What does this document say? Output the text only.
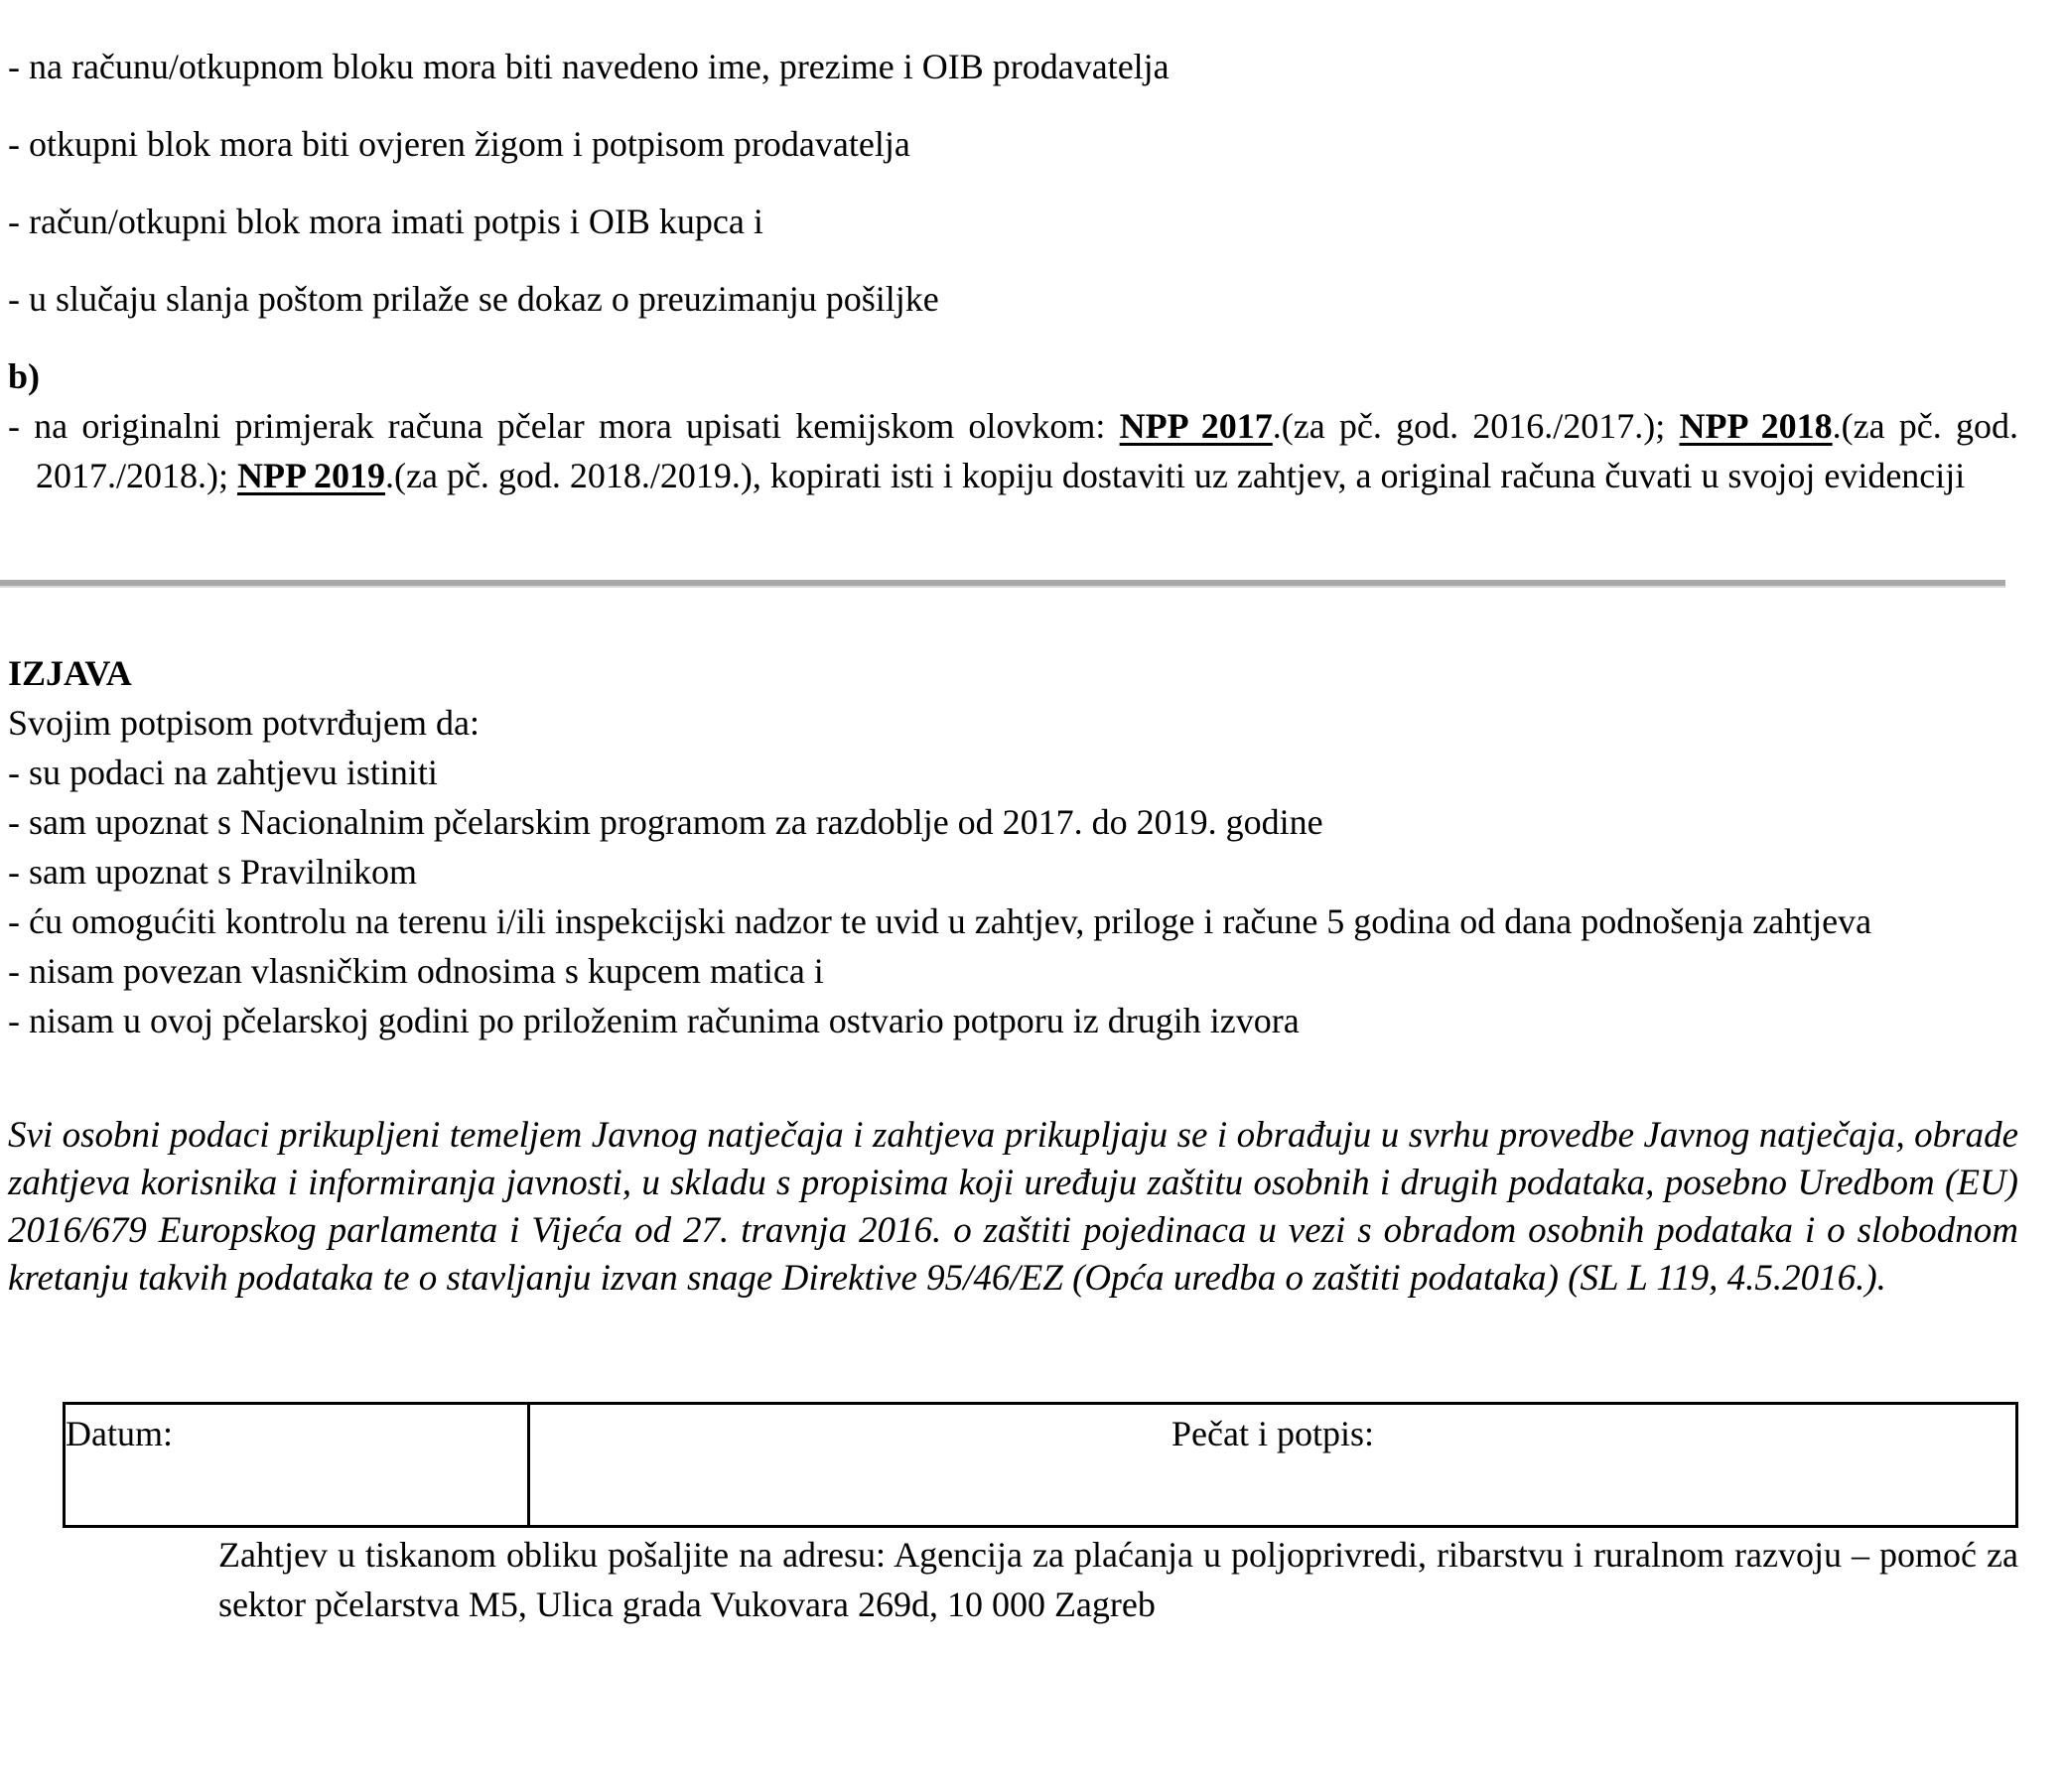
- na računu/otkupnom bloku mora biti navedeno ime, prezime i OIB prodavatelja

- otkupni blok mora biti ovjeren žigom i potpisom prodavatelja

- račun/otkupni blok mora imati potpis i OIB kupca i

- u slučaju slanja poštom prilaže se dokaz o preuzimanju pošiljke

b)

- na originalni primjerak računa pčelar mora upisati kemijskom olovkom: NPP 2017.(za pč. god. 2016./2017.); NPP 2018.(za pč. god. 2017./2018.); NPP 2019.(za pč. god. 2018./2019.), kopirati isti i kopiju dostaviti uz zahtjev, a original računa čuvati u svojoj evidenciji

IZJAVA

Svojim potpisom potvrđujem da:

- su podaci na zahtjevu istiniti

- sam upoznat s Nacionalnim pčelarskim programom za razdoblje od 2017. do 2019. godine

- sam upoznat s Pravilnikom

- ću omogućiti kontrolu na terenu i/ili inspekcijski nadzor te uvid u zahtjev, priloge i račune 5 godina od dana podnošenja zahtjeva

- nisam povezan vlasničkim odnosima s kupcem matica i

- nisam u ovoj pčelarskoj godini po priloženim računima ostvario potporu iz drugih izvora

Svi osobni podaci prikupljeni temeljem Javnog natječaja i zahtjeva prikupljaju se i obrađuju u svrhu provedbe Javnog natječaja, obrade zahtjeva korisnika i informiranja javnosti, u skladu s propisima koji uređuju zaštitu osobnih i drugih podataka, posebno Uredbom (EU) 2016/679 Europskog parlamenta i Vijeća od 27. travnja 2016. o zaštiti pojedinaca u vezi s obradom osobnih podataka i o slobodnom kretanju takvih podataka te o stavljanju izvan snage Direktive 95/46/EZ (Opća uredba o zaštiti podataka) (SL L 119, 4.5.2016.).

Datum:	Pečat i potpis:

Zahtjev u tiskanom obliku pošaljite na adresu: Agencija za plaćanja u poljoprivredi, ribarstvu i ruralnom razvoju – pomoć za sektor pčelarstva M5, Ulica grada Vukovara 269d, 10 000 Zagreb
